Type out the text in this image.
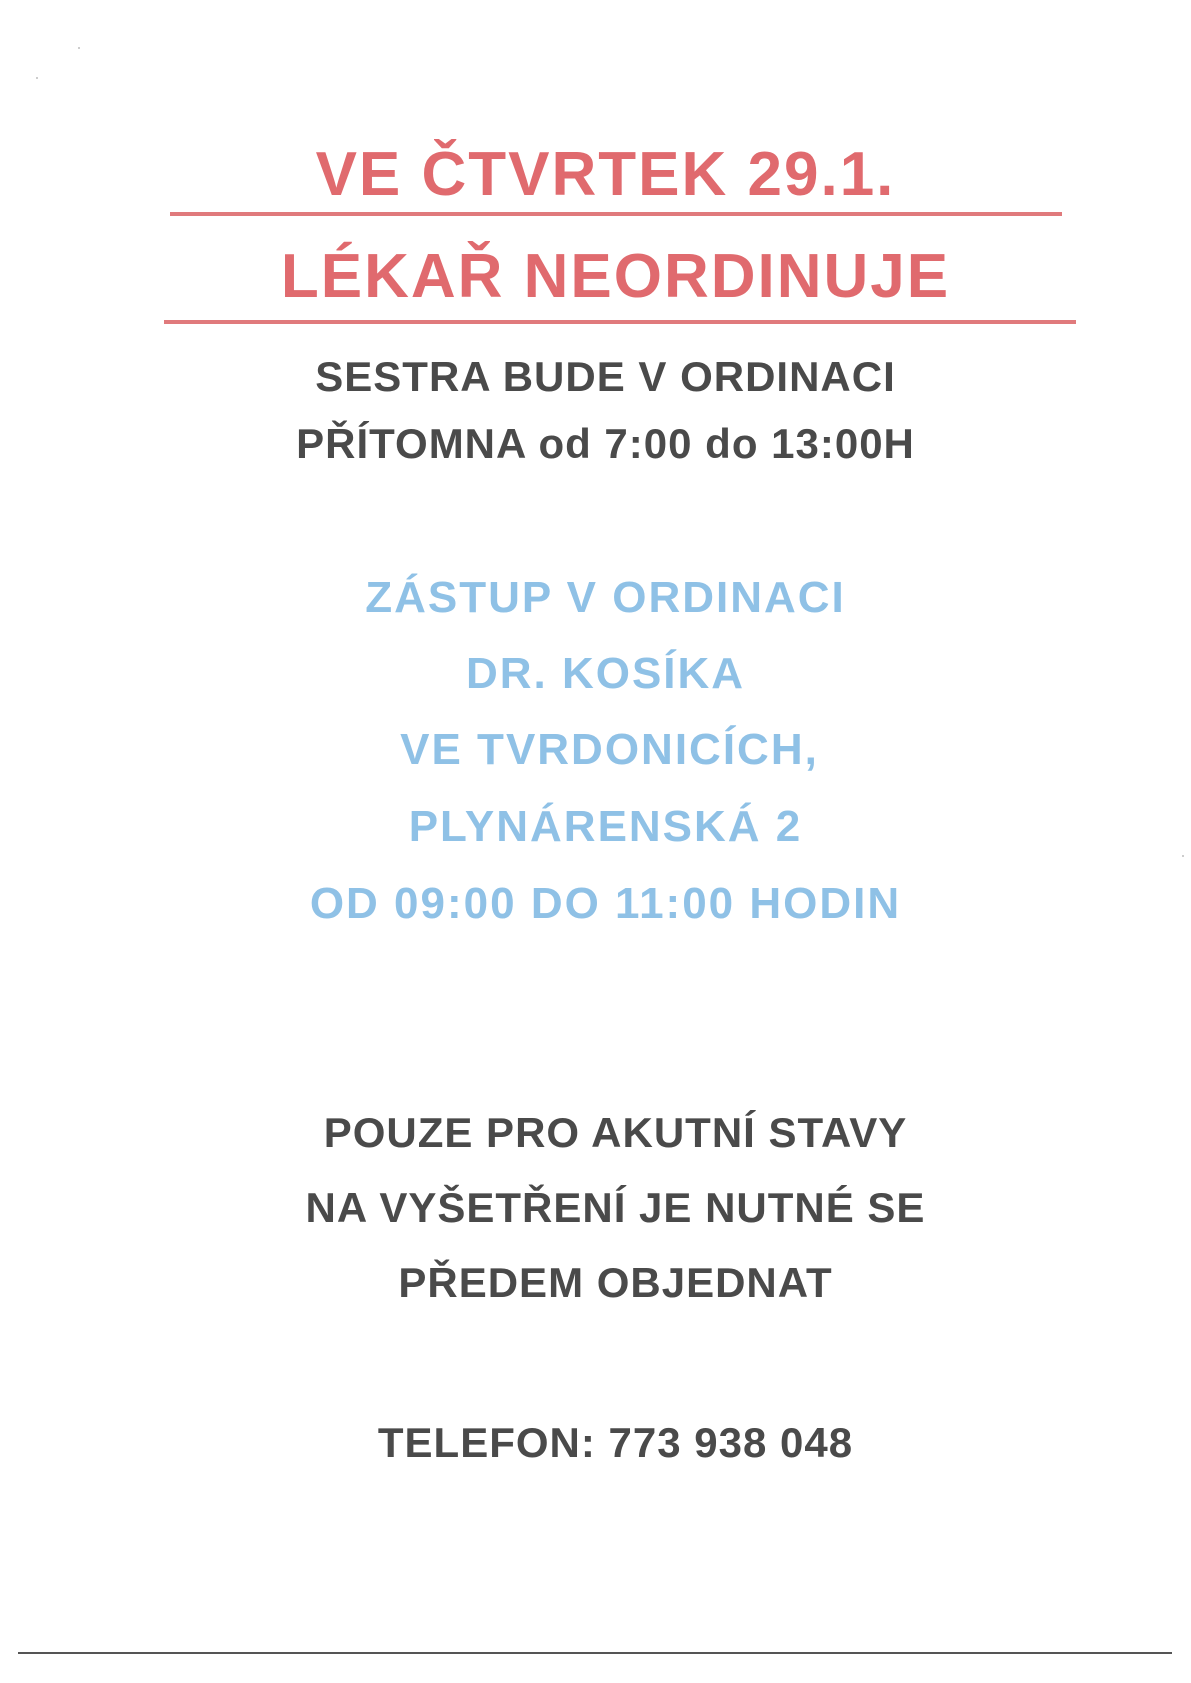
VE ČTVRTEK 29.1.
LÉKAŘ NEORDINUJE
SESTRA BUDE V ORDINACI
PŘÍTOMNA od 7:00 do 13:00H
ZÁSTUP V ORDINACI
DR. KOSÍKA
VE TVRDONICÍCH,
PLYNÁRENSKÁ 2
OD 09:00 DO 11:00 HODIN
POUZE PRO AKUTNÍ STAVY
NA VYŠETŘENÍ JE NUTNÉ SE
PŘEDEM OBJEDNAT
TELEFON: 773 938 048
